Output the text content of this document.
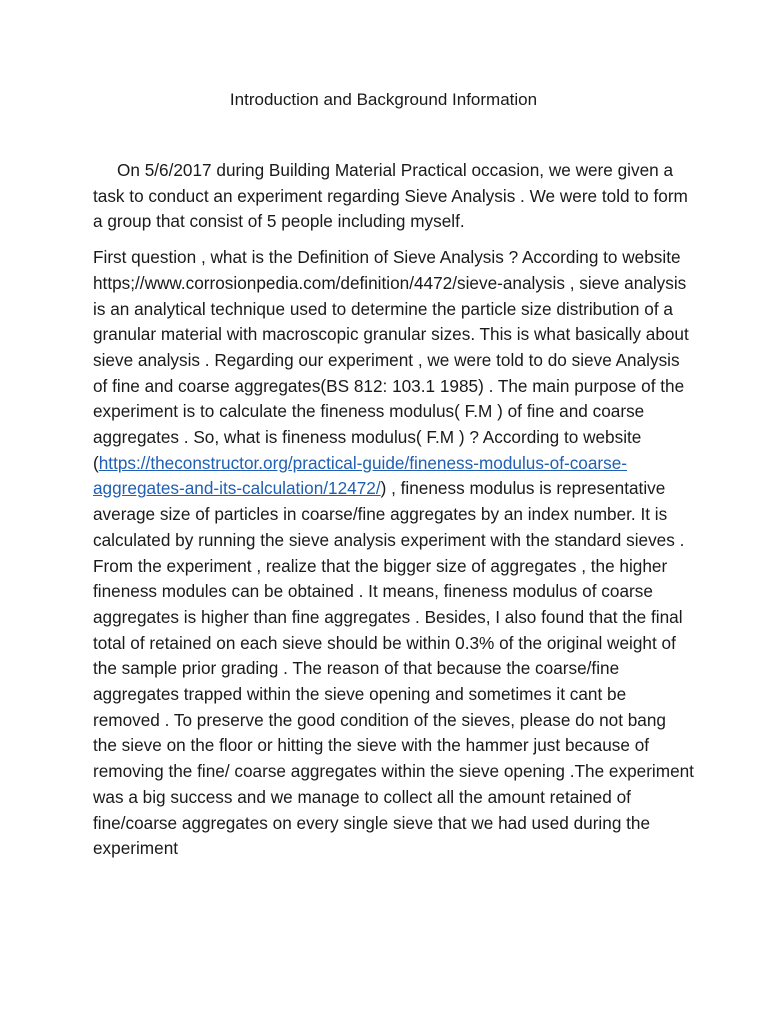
Introduction and Background Information

On 5/6/2017 during Building Material Practical occasion, we were given a task to conduct an experiment regarding Sieve Analysis . We were told to form a group that consist of 5 people including myself.

First question , what is the Definition of Sieve Analysis ? According to website https;//www.corrosionpedia.com/definition/4472/sieve-analysis , sieve analysis is an analytical technique used to determine the particle size distribution of a granular material with macroscopic granular sizes. This is what basically about sieve analysis . Regarding our experiment , we were told to do sieve Analysis of fine and coarse aggregates(BS 812: 103.1 1985) . The main purpose of the experiment is to calculate the fineness modulus( F.M ) of fine and coarse aggregates . So, what is fineness modulus( F.M ) ? According to website (https://theconstructor.org/practical-guide/fineness-modulus-of-coarse-aggregates-and-its-calculation/12472/) , fineness modulus is representative average size of particles in coarse/fine aggregates by an index number. It is calculated by running the sieve analysis experiment with the standard sieves . From the experiment , realize that the bigger size of aggregates , the higher fineness modules can be obtained . It means, fineness modulus of coarse aggregates is higher than fine aggregates . Besides, I also found that the final total of retained on each sieve should be within 0.3% of the original weight of the sample prior grading . The reason of that because the coarse/fine aggregates trapped within the sieve opening and sometimes it cant be removed . To preserve the good condition of the sieves, please do not bang the sieve on the floor or hitting the sieve with the hammer just because of removing the fine/ coarse aggregates within the sieve opening .The experiment was a big success and we manage to collect all the amount retained of fine/coarse aggregates on every single sieve that we had used during the experiment
